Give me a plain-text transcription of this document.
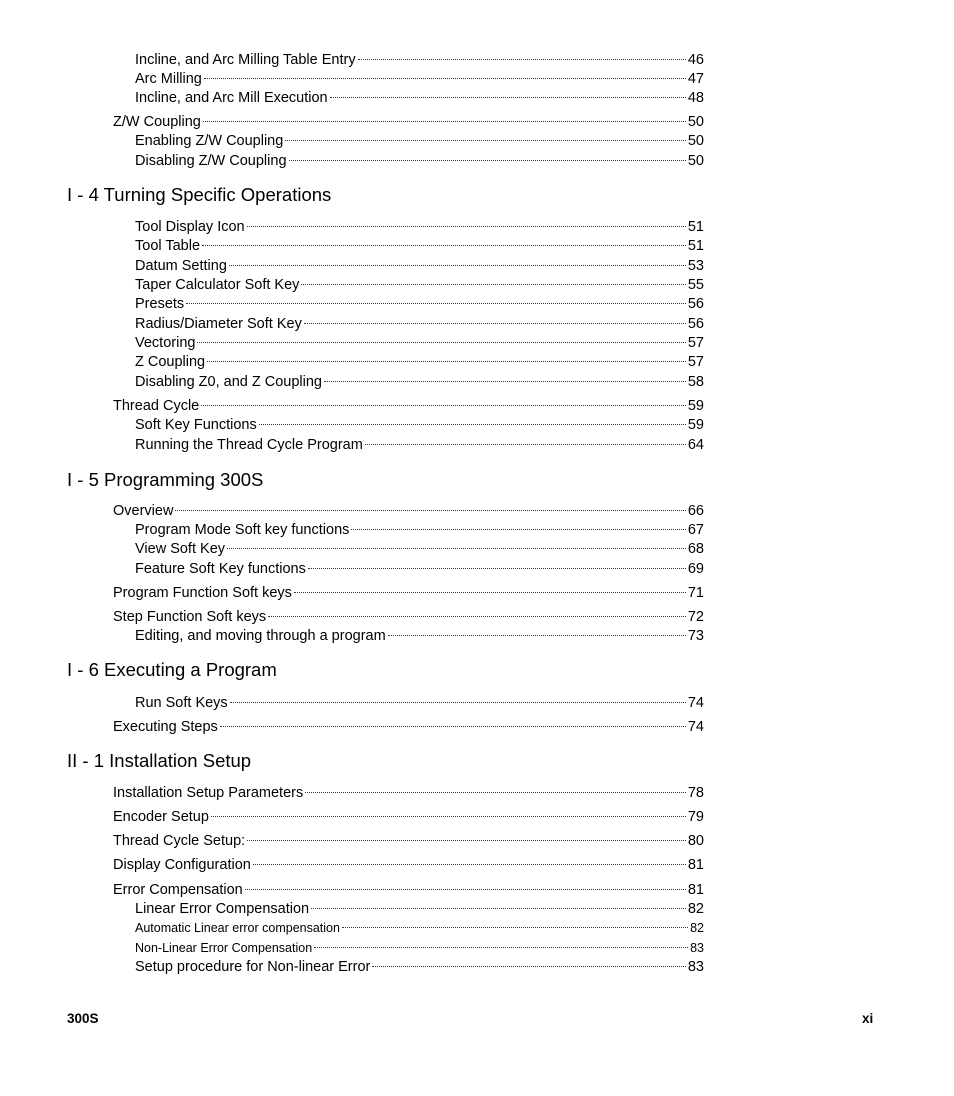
Incline, and Arc Milling Table Entry	46
Arc Milling	47
Incline, and Arc Mill Execution	48
Z/W Coupling	50
Enabling Z/W Coupling	50
Disabling Z/W Coupling	50
I - 4 Turning Specific Operations
Tool Display Icon	51
Tool Table	51
Datum Setting	53
Taper Calculator Soft Key	55
Presets	56
Radius/Diameter Soft Key	56
Vectoring	57
Z Coupling	57
Disabling Z0, and Z Coupling	58
Thread Cycle	59
Soft Key Functions	59
Running the Thread Cycle Program	64
I - 5 Programming 300S
Overview	66
Program Mode Soft key functions	67
View Soft Key	68
Feature Soft Key functions	69
Program Function Soft keys	71
Step Function Soft keys	72
Editing, and moving through a program	73
I - 6 Executing a Program
Run Soft Keys	74
Executing Steps	74
II - 1 Installation Setup
Installation Setup Parameters	78
Encoder Setup	79
Thread Cycle Setup:	80
Display Configuration	81
Error Compensation	81
Linear Error Compensation	82
Automatic Linear error compensation	82
Non-Linear Error Compensation	83
Setup procedure for Non-linear Error	83
300S	xi
